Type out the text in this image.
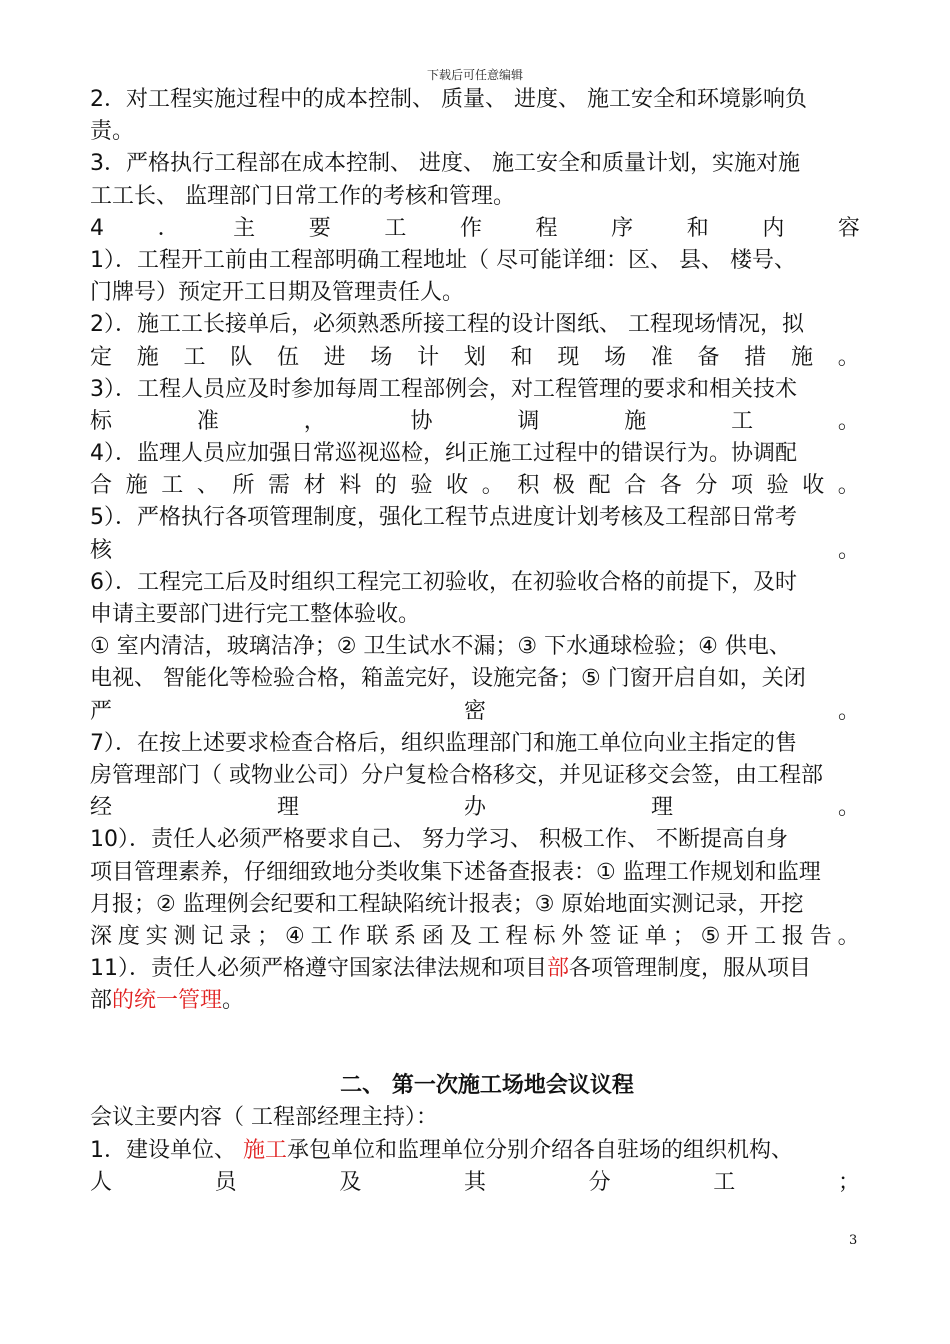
下载后可任意编辑
2．对工程实施过程中的成本控制、 质量、 进度、 施工安全和环境影响负
责。
3．严格执行工程部在成本控制、 进度、 施工安全和质量计划，实施对施
工工长、 监理部门日常工作的考核和管理。
4 ． 主 要 工 作 程 序 和 内 容
1）．工程开工前由工程部明确工程地址（ 尽可能详细：区、 县、 楼号、
门牌号）预定开工日期及管理责任人。
2）．施工工长接单后，必须熟悉所接工程的设计图纸、 工程现场情况，拟
定 施 工 队 伍 进 场 计 划 和 现 场 准 备 措 施 。
3）．工程人员应及时参加每周工程部例会，对工程管理的要求和相关技术
标	准	，	协	调	施	工	。
4）．监理人员应加强日常巡视巡检，纠正施工过程中的错误行为。协调配
合 施 工 、 所 需 材 料 的 验 收 。 积 极 配 合 各 分 项 验 收 。
5）．严格执行各项管理制度，强化工程节点进度计划考核及工程部日常考
核	。
6）．工程完工后及时组织工程完工初验收，在初验收合格的前提下，及时
申请主要部门进行完工整体验收。
① 室内清洁，玻璃洁净；② 卫生试水不漏；③ 下水通球检验；④ 供电、
电视、 智能化等检验合格，箱盖完好，设施完备；⑤ 门窗开启自如，关闭
严	密	。
7）．在按上述要求检查合格后，组织监理部门和施工单位向业主指定的售
房管理部门（ 或物业公司）分户复检合格移交，并见证移交会签，由工程部
经	理	办	理	。
10）．责任人必须严格要求自己、 努力学习、 积极工作、 不断提高自身
项目管理素养，仔细细致地分类收集下述备查报表：① 监理工作规划和监理
月报；② 监理例会纪要和工程缺陷统计报表；③ 原始地面实测记录，开挖
深 度 实 测 记 录 ； ④ 工 作 联 系 函 及 工 程 标 外 签 证 单 ； ⑤ 开 工 报 告 。
11）．责任人必须严格遵守国家法律法规和项目部各项管理制度，服从项目
部的统一管理。
二、 第一次施工场地会议议程
会议主要内容（ 工程部经理主持）：
1．建设单位、 施工承包单位和监理单位分别介绍各自驻场的组织机构、
人	员	及	其	分	工	；
3
